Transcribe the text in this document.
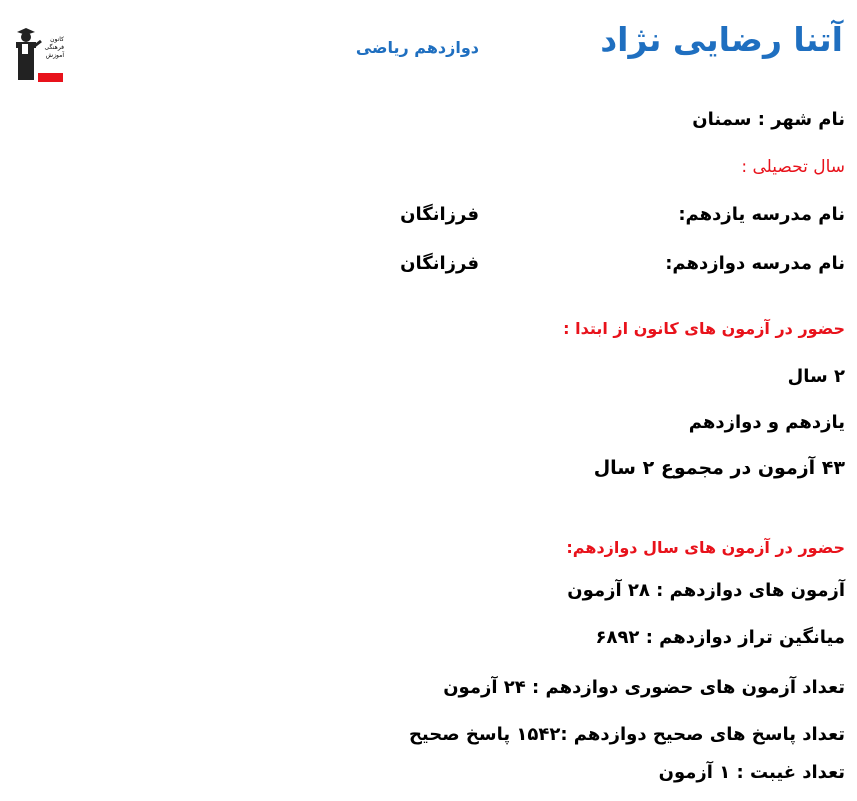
کانون
فرهنگی
آموزش
قلم چی
آتنا رضایی نژاد
دوازدهم ریاضی
نام شهر : سمنان
سال تحصیلی :
نام مدرسه یازدهم:
فرزانگان
نام مدرسه دوازدهم:
فرزانگان
حضور در آزمون های کانون از ابتدا :
۲ سال
یازدهم و دوازدهم
۴۳ آزمون در مجموع ۲ سال
حضور در آزمون های سال دوازدهم:
آزمون های دوازدهم : ۲۸ آزمون
میانگین تراز دوازدهم : ۶۸۹۲
تعداد آزمون های حضوری دوازدهم : ۲۴ آزمون
تعداد پاسخ های صحیح دوازدهم :۱۵۴۲ پاسخ صحیح
تعداد غیبت : ۱ آزمون
